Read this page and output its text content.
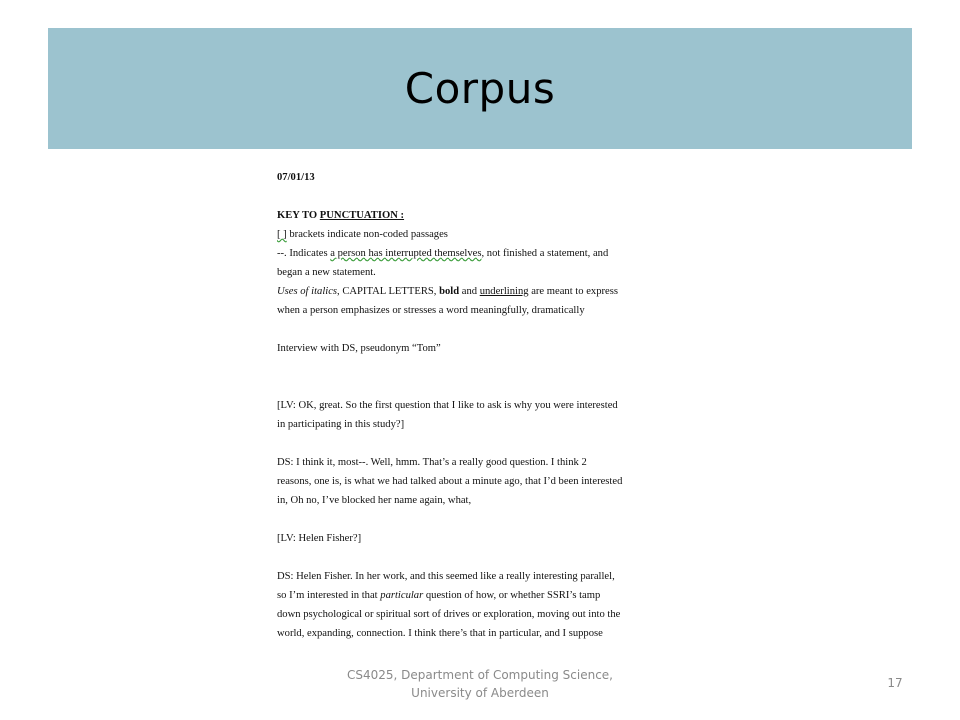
Corpus
07/01/13
KEY TO PUNCTUATION :
[ ] brackets indicate non-coded passages
--. Indicates a person has interrupted themselves, not finished a statement, and
began a new statement.
Uses of italics, CAPITAL LETTERS, bold and underlining are meant to express
when a person emphasizes or stresses a word meaningfully, dramatically
Interview with DS, pseudonym “Tom”
[LV: OK, great. So the first question that I like to ask is why you were interested
in participating in this study?]
DS: I think it, most--. Well, hmm. That’s a really good question. I think 2
reasons, one is, is what we had talked about a minute ago, that I’d been interested
in, Oh no, I’ve blocked her name again, what,
[LV: Helen Fisher?]
DS: Helen Fisher. In her work, and this seemed like a really interesting parallel,
so I’m interested in that particular question of how, or whether SSRI’s tamp
down psychological or spiritual sort of drives or exploration, moving out into the
world, expanding, connection. I think there’s that in particular, and I suppose
CS4025, Department of Computing Science,
University of Aberdeen
17
